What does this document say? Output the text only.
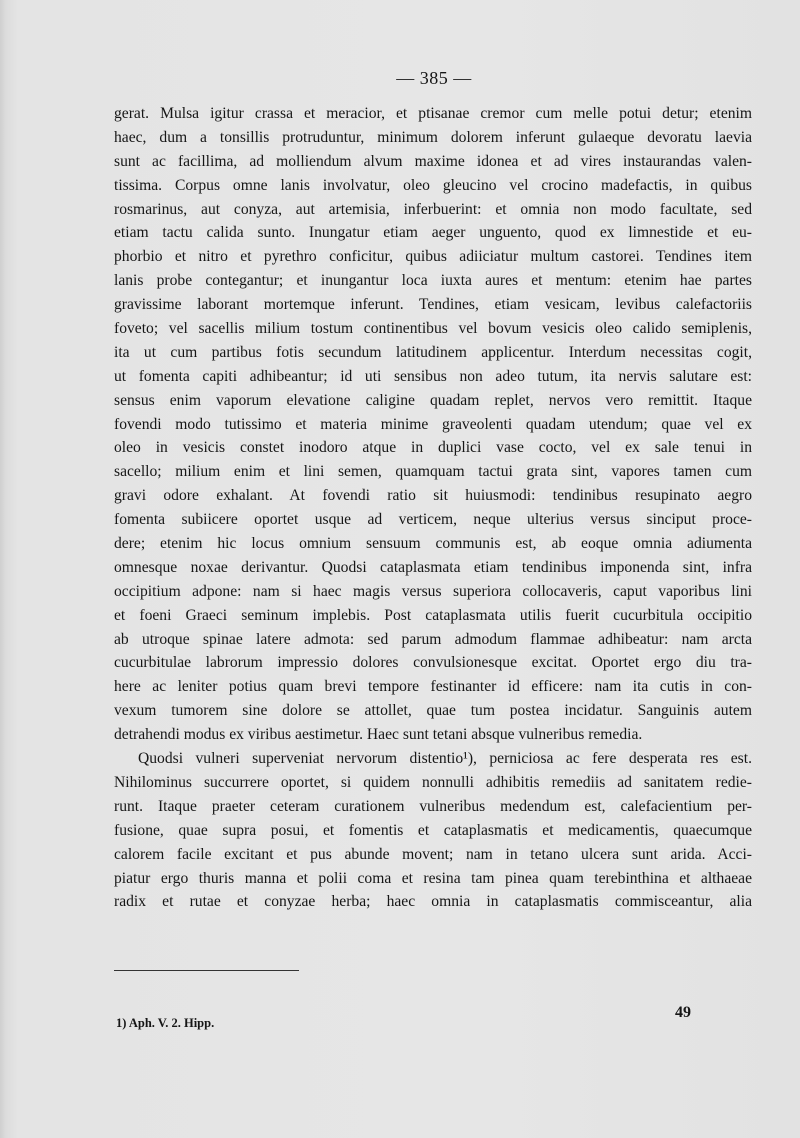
— 385 —
gerat. Mulsa igitur crassa et meracior, et ptisanae cremor cum melle potui detur; etenim
haec, dum a tonsillis protruduntur, minimum dolorem inferunt gulaeque devoratu laevia
sunt ac facillima, ad molliendum alvum maxime idonea et ad vires instaurandas valen-
tissima. Corpus omne lanis involvatur, oleo gleucino vel crocino madefactis, in quibus
rosmarinus, aut conyza, aut artemisia, inferbuerint: et omnia non modo facultate, sed
etiam tactu calida sunto. Inungatur etiam aeger unguento, quod ex limnestide et eu-
phorbio et nitro et pyrethro conficitur, quibus adiiciatur multum castorei. Tendines item
lanis probe contegantur; et inungantur loca iuxta aures et mentum: etenim hae partes
gravissime laborant mortemque inferunt. Tendines, etiam vesicam, levibus calefactoriis
foveto; vel sacellis milium tostum continentibus vel bovum vesicis oleo calido semiplenis,
ita ut cum partibus fotis secundum latitudinem applicentur. Interdum necessitas cogit,
ut fomenta capiti adhibeantur; id uti sensibus non adeo tutum, ita nervis salutare est:
sensus enim vaporum elevatione caligine quadam replet, nervos vero remittit. Itaque
fovendi modo tutissimo et materia minime graveolenti quadam utendum; quae vel ex
oleo in vesicis constet inodoro atque in duplici vase cocto, vel ex sale tenui in
sacello; milium enim et lini semen, quamquam tactui grata sint, vapores tamen cum
gravi odore exhalant. At fovendi ratio sit huiusmodi: tendinibus resupinato aegro
fomenta subiicere oportet usque ad verticem, neque ulterius versus sinciput proce-
dere; etenim hic locus omnium sensuum communis est, ab eoque omnia adiumenta
omnesque noxae derivantur. Quodsi cataplasmata etiam tendinibus imponenda sint, infra
occipitium adpone: nam si haec magis versus superiora collocaveris, caput vaporibus lini
et foeni Graeci seminum implebis. Post cataplasmata utilis fuerit cucurbitula occipitio
ab utroque spinae latere admota: sed parum admodum flammae adhibeatur: nam arcta
cucurbitulae labrorum impressio dolores convulsionesque excitat. Oportet ergo diu tra-
here ac leniter potius quam brevi tempore festinanter id efficere: nam ita cutis in con-
vexum tumorem sine dolore se attollet, quae tum postea incidatur. Sanguinis autem
detrahendi modus ex viribus aestimetur. Haec sunt tetani absque vulneribus remedia.
Quodsi vulneri superveniat nervorum distentio¹), perniciosa ac fere desperata res est.
Nihilominus succurrere oportet, si quidem nonnulli adhibitis remediis ad sanitatem redie-
runt. Itaque praeter ceteram curationem vulneribus medendum est, calefacientium per-
fusione, quae supra posui, et fomentis et cataplasmatis et medicamentis, quaecumque
calorem facile excitant et pus abunde movent; nam in tetano ulcera sunt arida. Acci-
piatur ergo thuris manna et polii coma et resina tam pinea quam terebinthina et althaeae
radix et rutae et conyzae herba; haec omnia in cataplasmatis commisceantur, alia
1) Aph. V. 2. Hipp.
49
